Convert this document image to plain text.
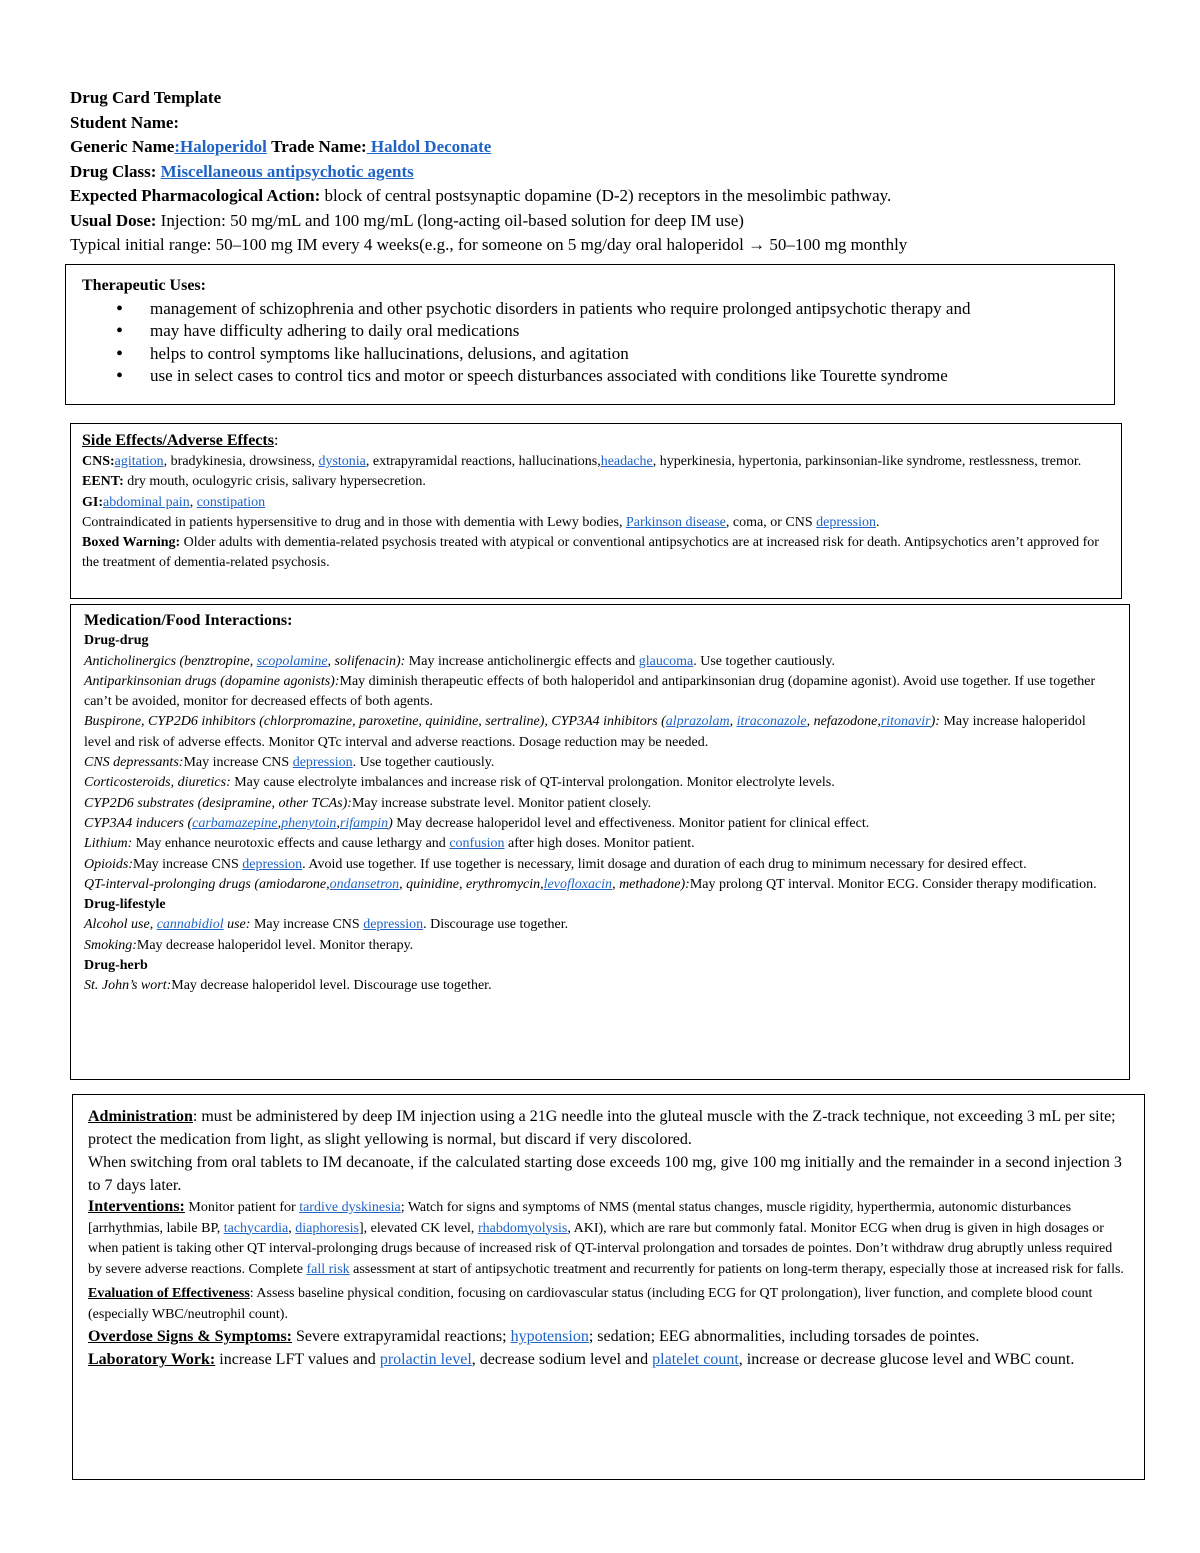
Drug Card Template

Student Name:

Generic Name:Haloperidol Trade Name: Haldol Deconate

Drug Class: Miscellaneous antipsychotic agents

Expected Pharmacological Action: block of central postsynaptic dopamine (D-2) receptors in the mesolimbic pathway.

Usual Dose: Injection: 50 mg/mL and 100 mg/mL (long-acting oil-based solution for deep IM use)

Typical initial range: 50–100 mg IM every 4 weeks(e.g., for someone on 5 mg/day oral haloperidol → 50–100 mg monthly

Therapeutic Uses:

• management of schizophrenia and other psychotic disorders in patients who require prolonged antipsychotic therapy and
• may have difficulty adhering to daily oral medications
• helps to control symptoms like hallucinations, delusions, and agitation
• use in select cases to control tics and motor or speech disturbances associated with conditions like Tourette syndrome

Side Effects/Adverse Effects:

CNS:agitation, bradykinesia, drowsiness, dystonia, extrapyramidal reactions, hallucinations,headache, hyperkinesia, hypertonia, parkinsonian-like syndrome, restlessness, tremor.

EENT: dry mouth, oculogyric crisis, salivary hypersecretion.

GI:abdominal pain, constipation

Contraindicated in patients hypersensitive to drug and in those with dementia with Lewy bodies, Parkinson disease, coma, or CNS depression.

Boxed Warning: Older adults with dementia-related psychosis treated with atypical or conventional antipsychotics are at increased risk for death. Antipsychotics aren’t approved for the treatment of dementia-related psychosis.

Medication/Food Interactions:

Drug-drug

Anticholinergics (benztropine, scopolamine, solifenacin): May increase anticholinergic effects and glaucoma. Use together cautiously.

Antiparkinsonian drugs (dopamine agonists):May diminish therapeutic effects of both haloperidol and antiparkinsonian drug (dopamine agonist). Avoid use together. If use together can’t be avoided, monitor for decreased effects of both agents.

Buspirone, CYP2D6 inhibitors (chlorpromazine, paroxetine, quinidine, sertraline), CYP3A4 inhibitors (alprazolam, itraconazole, nefazodone,ritonavir): May increase haloperidol level and risk of adverse effects. Monitor QTc interval and adverse reactions. Dosage reduction may be needed.

CNS depressants:May increase CNS depression. Use together cautiously.

Corticosteroids, diuretics: May cause electrolyte imbalances and increase risk of QT-interval prolongation. Monitor electrolyte levels.

CYP2D6 substrates (desipramine, other TCAs):May increase substrate level. Monitor patient closely.

CYP3A4 inducers (carbamazepine,phenytoin,rifampin) May decrease haloperidol level and effectiveness. Monitor patient for clinical effect.

Lithium: May enhance neurotoxic effects and cause lethargy and confusion after high doses. Monitor patient.

Opioids:May increase CNS depression. Avoid use together. If use together is necessary, limit dosage and duration of each drug to minimum necessary for desired effect.

QT-interval-prolonging drugs (amiodarone,ondansetron, quinidine, erythromycin,levofloxacin, methadone):May prolong QT interval. Monitor ECG. Consider therapy modification.

Drug-lifestyle

Alcohol use, cannabidiol use: May increase CNS depression. Discourage use together.

Smoking:May decrease haloperidol level. Monitor therapy.

Drug-herb

St. John’s wort:May decrease haloperidol level. Discourage use together.

Administration: must be administered by deep IM injection using a 21G needle into the gluteal muscle with the Z-track technique, not exceeding 3 mL per site; protect the medication from light, as slight yellowing is normal, but discard if very discolored.

When switching from oral tablets to IM decanoate, if the calculated starting dose exceeds 100 mg, give 100 mg initially and the remainder in a second injection 3 to 7 days later.

Interventions: Monitor patient for tardive dyskinesia; Watch for signs and symptoms of NMS (mental status changes, muscle rigidity, hyperthermia, autonomic disturbances [arrhythmias, labile BP, tachycardia, diaphoresis], elevated CK level, rhabdomyolysis, AKI), which are rare but commonly fatal. Monitor ECG when drug is given in high dosages or when patient is taking other QT interval-prolonging drugs because of increased risk of QT-interval prolongation and torsades de pointes. Don’t withdraw drug abruptly unless required by severe adverse reactions. Complete fall risk assessment at start of antipsychotic treatment and recurrently for patients on long-term therapy, especially those at increased risk for falls.

Evaluation of Effectiveness: Assess baseline physical condition, focusing on cardiovascular status (including ECG for QT prolongation), liver function, and complete blood count (especially WBC/neutrophil count).

Overdose Signs & Symptoms: Severe extrapyramidal reactions; hypotension; sedation; EEG abnormalities, including torsades de pointes.

Laboratory Work: increase LFT values and prolactin level, decrease sodium level and platelet count, increase or decrease glucose level and WBC count.
